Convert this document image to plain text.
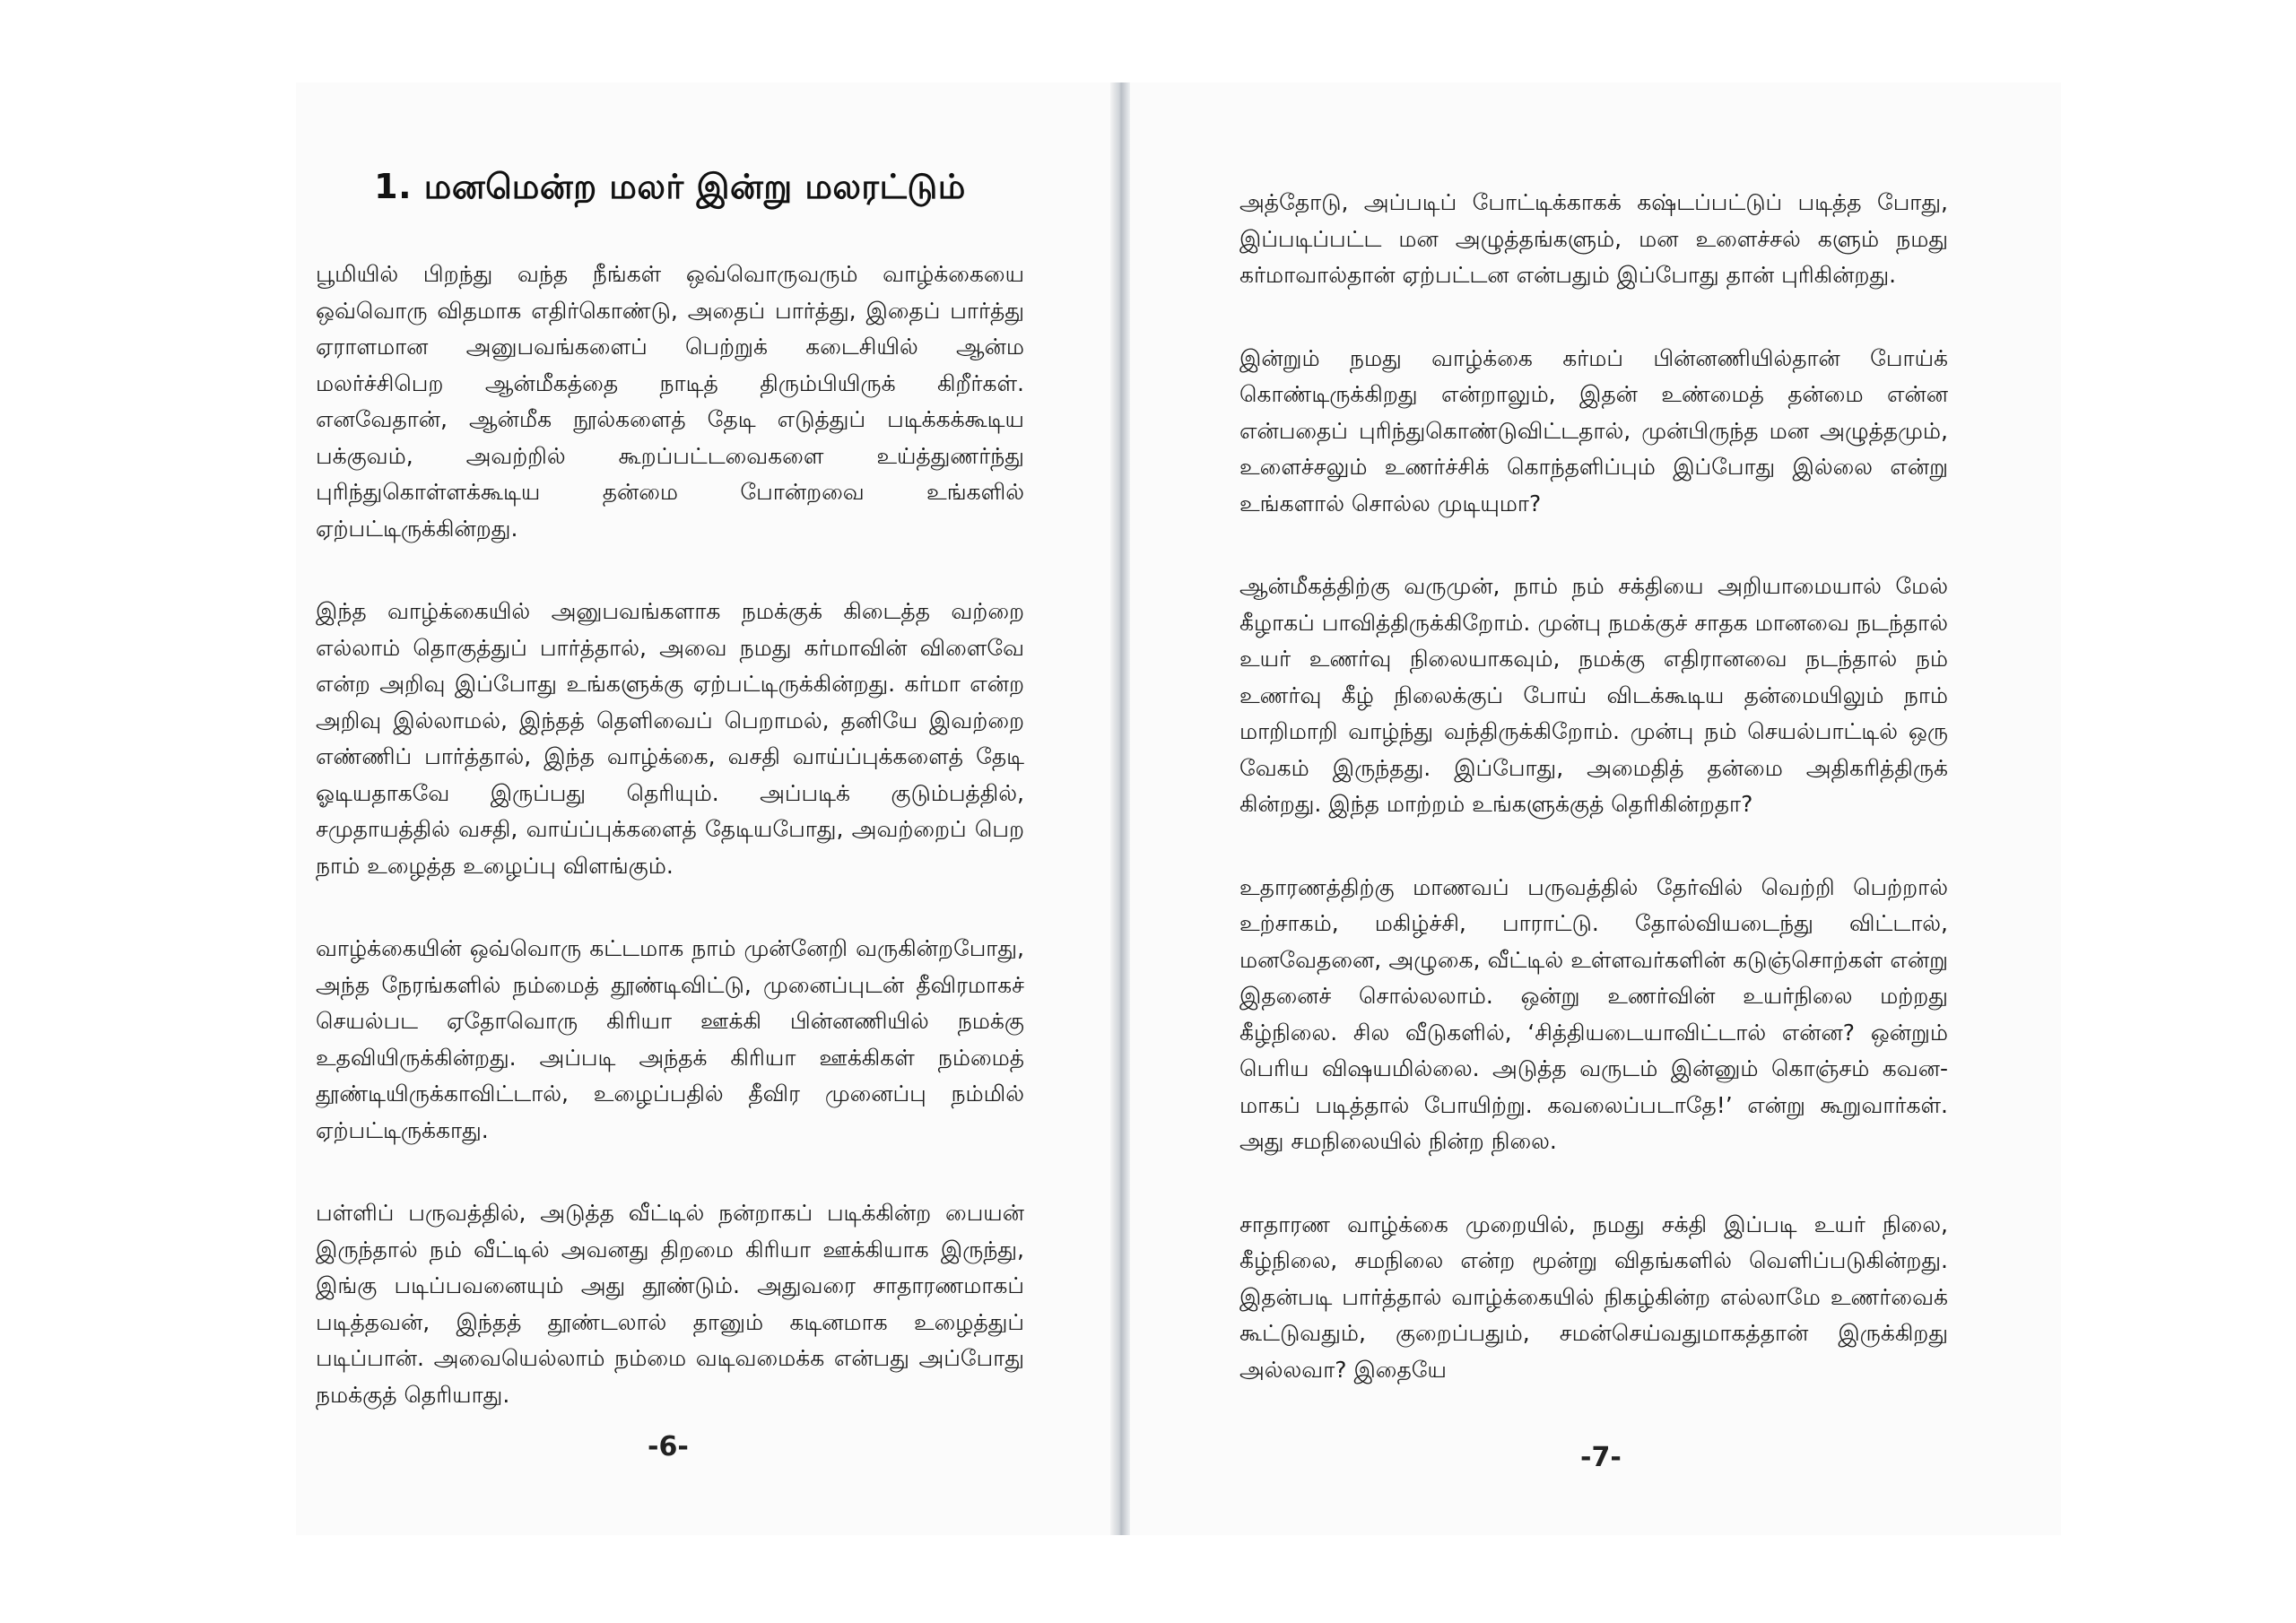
1. மனமென்ற மலர் இன்று மலரட்டும்

பூமியில் பிறந்து வந்த நீங்கள் ஒவ்வொருவரும் வாழ்க்கையை ஒவ்வொரு விதமாக எதிர்கொண்டு, அதைப் பார்த்து, இதைப் பார்த்து ஏராளமான அனுபவங்களைப் பெற்றுக் கடைசியில் ஆன்ம மலர்ச்சிபெற ஆன்மீகத்தை நாடித் திரும்பியிருக் கிறீர்கள். எனவேதான், ஆன்மீக நூல்களைத் தேடி எடுத்துப் படிக்கக்கூடிய பக்குவம், அவற்றில் கூறப்பட்டவைகளை உய்த்துணர்ந்து புரிந்துகொள்ளக்கூடிய தன்மை போன்றவை உங்களில் ஏற்பட்டிருக்கின்றது.

இந்த வாழ்க்கையில் அனுபவங்களாக நமக்குக் கிடைத்த வற்றை எல்லாம் தொகுத்துப் பார்த்தால், அவை நமது கர்மாவின் விளைவே என்ற அறிவு இப்போது உங்களுக்கு ஏற்பட்டிருக்கின்றது. கர்மா என்ற அறிவு இல்லாமல், இந்தத் தெளிவைப் பெறாமல், தனியே இவற்றை எண்ணிப் பார்த்தால், இந்த வாழ்க்கை, வசதி வாய்ப்புக்களைத் தேடி ஓடியதாகவே இருப்பது தெரியும். அப்படிக் குடும்பத்தில், சமுதாயத்தில் வசதி, வாய்ப்புக்களைத் தேடியபோது, அவற்றைப் பெற நாம் உழைத்த உழைப்பு விளங்கும்.

வாழ்க்கையின் ஒவ்வொரு கட்டமாக நாம் முன்னேறி வருகின்றபோது, அந்த நேரங்களில் நம்மைத் தூண்டிவிட்டு, முனைப்புடன் தீவிரமாகச் செயல்பட ஏதோவொரு கிரியா ஊக்கி பின்னணியில் நமக்கு உதவியிருக்கின்றது. அப்படி அந்தக் கிரியா ஊக்கிகள் நம்மைத் தூண்டியிருக்காவிட்டால், உழைப்பதில் தீவிர முனைப்பு நம்மில் ஏற்பட்டிருக்காது.

பள்ளிப் பருவத்தில், அடுத்த வீட்டில் நன்றாகப் படிக்கின்ற பையன் இருந்தால் நம் வீட்டில் அவனது திறமை கிரியா ஊக்கியாக இருந்து, இங்கு படிப்பவனையும் அது தூண்டும். அதுவரை சாதாரணமாகப் படித்தவன், இந்தத் தூண்டலால் தானும் கடினமாக உழைத்துப் படிப்பான். அவையெல்லாம் நம்மை வடிவமைக்க என்பது அப்போது நமக்குத் தெரியாது.

-6-

அத்தோடு, அப்படிப் போட்டிக்காகக் கஷ்டப்பட்டுப் படித்த போது, இப்படிப்பட்ட மன அழுத்தங்களும், மன உளைச்சல் களும் நமது கர்மாவால்தான் ஏற்பட்டன என்பதும் இப்போது தான் புரிகின்றது.

இன்றும் நமது வாழ்க்கை கர்மப் பின்னணியில்தான் போய்க் கொண்டிருக்கிறது என்றாலும், இதன் உண்மைத் தன்மை என்ன என்பதைப் புரிந்துகொண்டுவிட்டதால், முன்பிருந்த மன அழுத்தமும், உளைச்சலும் உணர்ச்சிக் கொந்தளிப்பும் இப்போது இல்லை என்று உங்களால் சொல்ல முடியுமா?

ஆன்மீகத்திற்கு வருமுன், நாம் நம் சக்தியை அறியாமையால் மேல் கீழாகப் பாவித்திருக்கிறோம். முன்பு நமக்குச் சாதக மானவை நடந்தால் உயர் உணர்வு நிலையாகவும், நமக்கு எதிரானவை நடந்தால் நம் உணர்வு கீழ் நிலைக்குப் போய் விடக்கூடிய தன்மையிலும் நாம் மாறிமாறி வாழ்ந்து வந்திருக்கிறோம். முன்பு நம் செயல்பாட்டில் ஒரு வேகம் இருந்தது. இப்போது, அமைதித் தன்மை அதிகரித்திருக் கின்றது. இந்த மாற்றம் உங்களுக்குத் தெரிகின்றதா?

உதாரணத்திற்கு மாணவப் பருவத்தில் தேர்வில் வெற்றி பெற்றால் உற்சாகம், மகிழ்ச்சி, பாராட்டு. தோல்வியடைந்து விட்டால், மனவேதனை, அழுகை, வீட்டில் உள்ளவர்களின் கடுஞ்சொற்கள் என்று இதனைச் சொல்லலாம். ஒன்று உணர்வின் உயர்நிலை மற்றது கீழ்நிலை. சில வீடுகளில், ‘சித்தியடையாவிட்டால் என்ன? ஒன்றும் பெரிய விஷயமில்லை. அடுத்த வருடம் இன்னும் கொஞ்சம் கவன- மாகப் படித்தால் போயிற்று. கவலைப்படாதே!’ என்று கூறுவார்கள். அது சமநிலையில் நின்ற நிலை.

சாதாரண வாழ்க்கை முறையில், நமது சக்தி இப்படி உயர் நிலை, கீழ்நிலை, சமநிலை என்ற மூன்று விதங்களில் வெளிப்படுகின்றது. இதன்படி பார்த்தால் வாழ்க்கையில் நிகழ்கின்ற எல்லாமே உணர்வைக் கூட்டுவதும், குறைப்பதும், சமன்செய்வதுமாகத்தான் இருக்கிறது அல்லவா? இதையே

-7-
